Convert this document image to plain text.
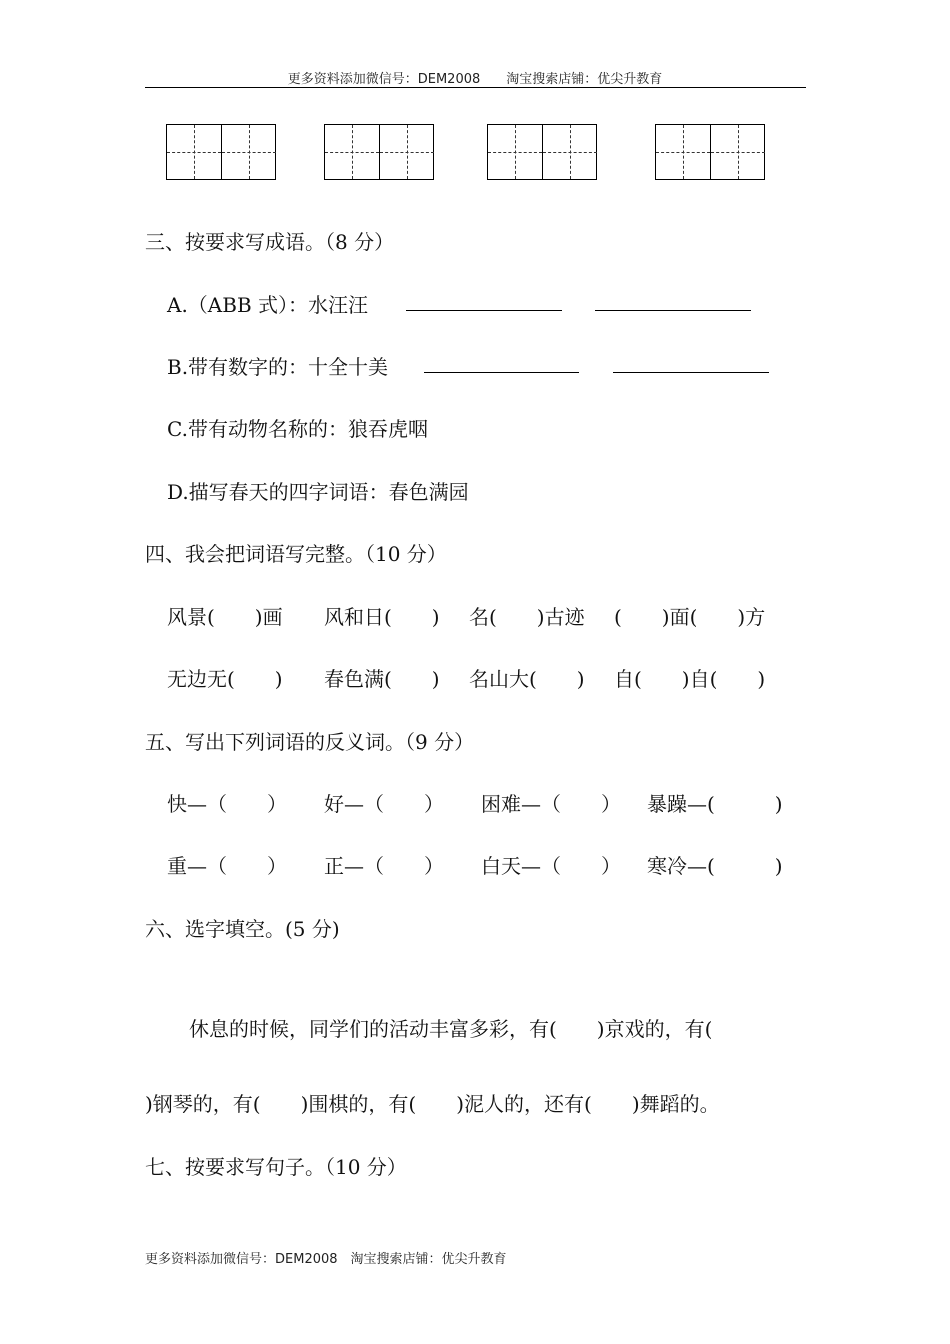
更多资料添加微信号：DEM2008　　淘宝搜索店铺：优尖升教育
三、按要求写成语。（8 分）
A.（ABB 式）：水汪汪
B.带有数字的：十全十美
C.带有动物名称的：狼吞虎咽
D.描写春天的四字词语：春色满园
四、我会把词语写完整。（10 分）
风景(　　)画 风和日(　　) 名(　　)古迹 (　　)面(　　)方
无边无(　　) 春色满(　　) 名山大(　　) 自(　　)自(　　)
五、写出下列词语的反义词。（9 分）
快—（　　） 好—（　　） 困难—（　　） 暴躁—(　　　)
重—（　　） 正—（　　） 白天—（　　） 寒冷—(　　　)
六、选字填空。(5 分)
休息的时候，同学们的活动丰富多彩，有(　　)京戏的，有(
)钢琴的，有(　　)围棋的，有(　　)泥人的，还有(　　)舞蹈的。
七、按要求写句子。（10 分）
更多资料添加微信号：DEM2008　淘宝搜索店铺：优尖升教育
